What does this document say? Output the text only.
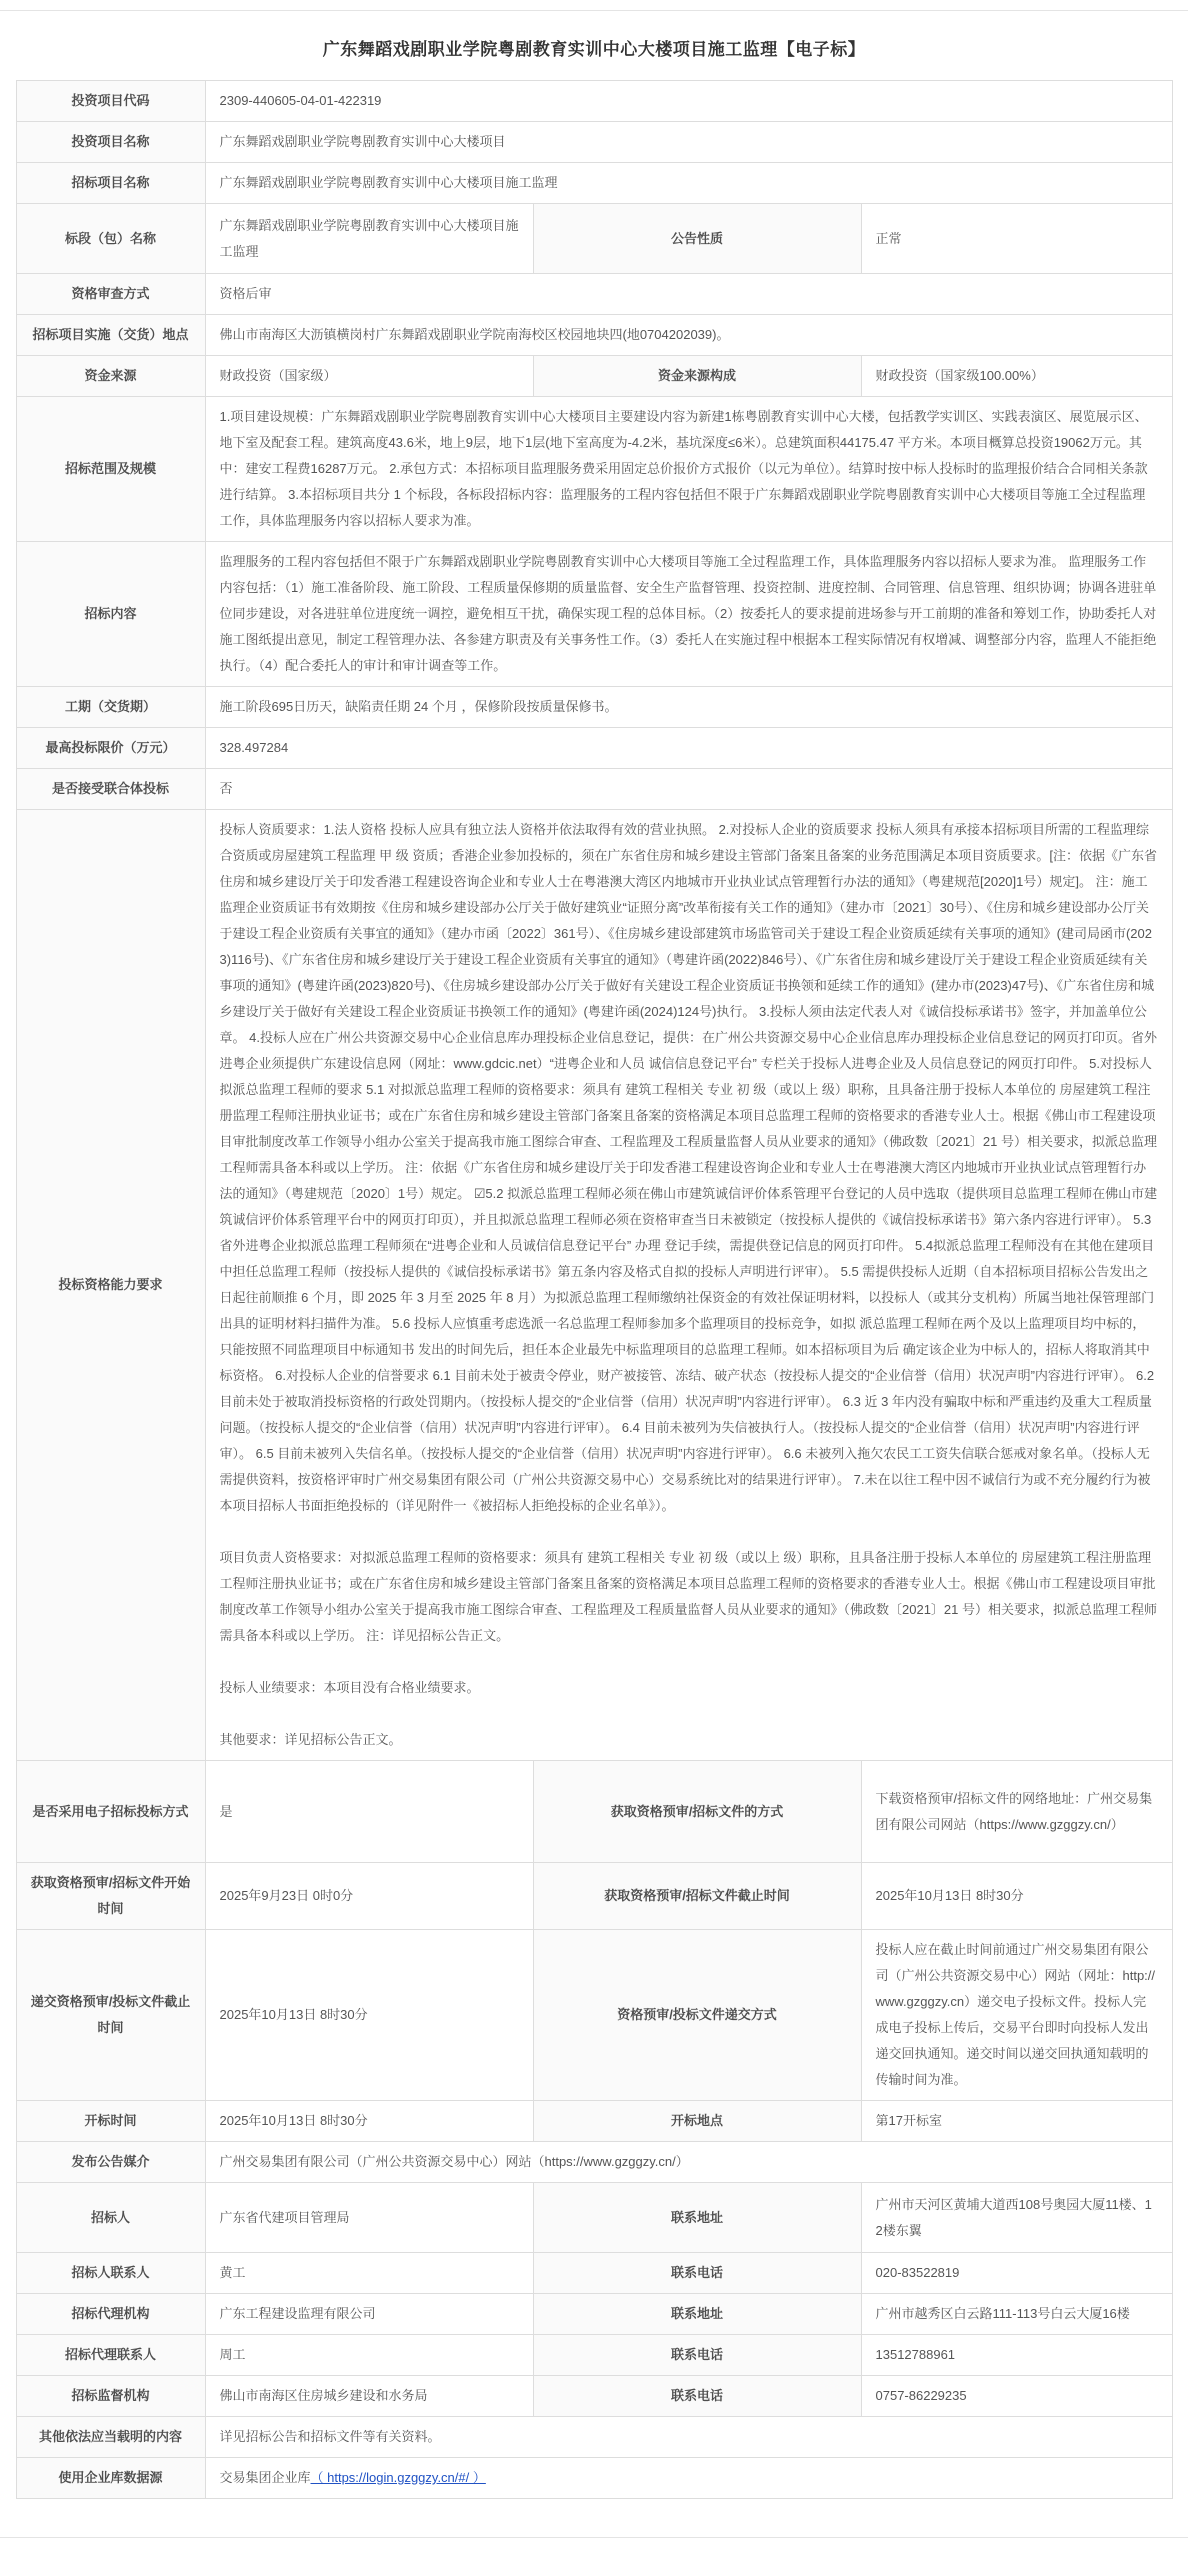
广东舞蹈戏剧职业学院粤剧教育实训中心大楼项目施工监理【电子标】
投资项目代码	2309-440605-04-01-422319		
投资项目名称	广东舞蹈戏剧职业学院粤剧教育实训中心大楼项目		
招标项目名称	广东舞蹈戏剧职业学院粤剧教育实训中心大楼项目施工监理		
标段（包）名称	广东舞蹈戏剧职业学院粤剧教育实训中心大楼项目施工监理	公告性质	正常
资格审查方式	资格后审		
招标项目实施（交货）地点	佛山市南海区大沥镇横岗村广东舞蹈戏剧职业学院南海校区校园地块四(地0704202039)。		
资金来源	财政投资（国家级）	资金来源构成	财政投资（国家级100.00%）
招标范围及规模	1.项目建设规模：广东舞蹈戏剧职业学院粤剧教育实训中心大楼项目主要建设内容为新建1栋粤剧教育实训中心大楼，包括教学实训区、实践表演区、展览展示区、地下室及配套工程。建筑高度43.6米，地上9层，地下1层(地下室高度为-4.2米，基坑深度≤6米）。总建筑面积44175.47 平方米。本项目概算总投资19062万元。其中：建安工程费16287万元。 2.承包方式：本招标项目监理服务费采用固定总价报价方式报价（以元为单位）。结算时按中标人投标时的监理报价结合合同相关条款进行结算。 3.本招标项目共分 1 个标段，各标段招标内容：监理服务的工程内容包括但不限于广东舞蹈戏剧职业学院粤剧教育实训中心大楼项目等施工全过程监理工作，具体监理服务内容以招标人要求为准。		
招标内容	监理服务的工程内容包括但不限于广东舞蹈戏剧职业学院粤剧教育实训中心大楼项目等施工全过程监理工作，具体监理服务内容以招标人要求为准。 监理服务工作内容包括：（1）施工准备阶段、施工阶段、工程质量保修期的质量监督、安全生产监督管理、投资控制、进度控制、合同管理、信息管理、组织协调；协调各进驻单位同步建设，对各进驻单位进度统一调控，避免相互干扰，确保实现工程的总体目标。（2）按委托人的要求提前进场参与开工前期的准备和筹划工作，协助委托人对施工图纸提出意见，制定工程管理办法、各参建方职责及有关事务性工作。（3）委托人在实施过程中根据本工程实际情况有权增减、调整部分内容，监理人不能拒绝执行。（4）配合委托人的审计和审计调查等工作。		
工期（交货期）	施工阶段695日历天，缺陷责任期 24 个月 ，保修阶段按质量保修书。		
最高投标限价（万元）	328.497284		
是否接受联合体投标	否		
投标资格能力要求	投标人资质要求：1.法人资格 投标人应具有独立法人资格并依法取得有效的营业执照。 2.对投标人企业的资质要求 投标人须具有承接本招标项目所需的工程监理综合资质或房屋建筑工程监理 甲 级 资质；香港企业参加投标的，须在广东省住房和城乡建设主管部门备案且备案的业务范围满足本项目资质要求。[注：依据《广东省住房和城乡建设厅关于印发香港工程建设咨询企业和专业人士在粤港澳大湾区内地城市开业执业试点管理暂行办法的通知》（粤建规范[2020]1号）规定]。 注：施工监理企业资质证书有效期按《住房和城乡建设部办公厅关于做好建筑业“证照分离”改革衔接有关工作的通知》（建办市〔2021〕30号）、《住房和城乡建设部办公厅关于建设工程企业资质有关事宜的通知》（建办市函〔2022〕361号）、《住房城乡建设部建筑市场监管司关于建设工程企业资质延续有关事项的通知》(建司局函市(2023)116号)、《广东省住房和城乡建设厅关于建设工程企业资质有关事宜的通知》（粤建许函(2022)846号）、《广东省住房和城乡建设厅关于建设工程企业资质延续有关事项的通知》(粤建许函(2023)820号)、《住房城乡建设部办公厅关于做好有关建设工程企业资质证书换领和延续工作的通知》(建办市(2023)47号)、《广东省住房和城乡建设厅关于做好有关建设工程企业资质证书换领工作的通知》(粤建许函(2024)124号)执行。 3.投标人须由法定代表人对《诚信投标承诺书》签字，并加盖单位公章。 4.投标人应在广州公共资源交易中心企业信息库办理投标企业信息登记，提供：在广州公共资源交易中心企业信息库办理投标企业信息登记的网页打印页。省外进粤企业须提供广东建设信息网（网址：www.gdcic.net）“进粤企业和人员 诚信信息登记平台” 专栏关于投标人进粤企业及人员信息登记的网页打印件。 5.对投标人拟派总监理工程师的要求 5.1 对拟派总监理工程师的资格要求：须具有 建筑工程相关 专业 初 级（或以上 级）职称，且具备注册于投标人本单位的 房屋建筑工程注册监理工程师注册执业证书；或在广东省住房和城乡建设主管部门备案且备案的资格满足本项目总监理工程师的资格要求的香港专业人士。根据《佛山市工程建设项目审批制度改革工作领导小组办公室关于提高我市施工图综合审查、工程监理及工程质量监督人员从业要求的通知》（佛政数〔2021〕21 号）相关要求，拟派总监理工程师需具备本科或以上学历。 注：依据《广东省住房和城乡建设厅关于印发香港工程建设咨询企业和专业人士在粤港澳大湾区内地城市开业执业试点管理暂行办法的通知》（粤建规范〔2020〕1号）规定。 ☑5.2 拟派总监理工程师必须在佛山市建筑诚信评价体系管理平台登记的人员中选取（提供项目总监理工程师在佛山市建筑诚信评价体系管理平台中的网页打印页），并且拟派总监理工程师必须在资格审查当日未被锁定（按投标人提供的《诚信投标承诺书》第六条内容进行评审）。 5.3 省外进粤企业拟派总监理工程师须在“进粤企业和人员诚信信息登记平台” 办理 登记手续，需提供登记信息的网页打印件。 5.4拟派总监理工程师没有在其他在建项目中担任总监理工程师（按投标人提供的《诚信投标承诺书》第五条内容及格式自拟的投标人声明进行评审）。 5.5 需提供投标人近期（自本招标项目招标公告发出之日起往前顺推 6 个月，即 2025 年 3 月至 2025 年 8 月）为拟派总监理工程师缴纳社保资金的有效社保证明材料，以投标人（或其分支机构）所属当地社保管理部门出具的证明材料扫描件为准。 5.6 投标人应慎重考虑选派一名总监理工程师参加多个监理项目的投标竞争，如拟 派总监理工程师在两个及以上监理项目均中标的，只能按照不同监理项目中标通知书 发出的时间先后，担任本企业最先中标监理项目的总监理工程师。如本招标项目为后 确定该企业为中标人的，招标人将取消其中标资格。 6.对投标人企业的信誉要求 6.1 目前未处于被责令停业，财产被接管、冻结、破产状态（按投标人提交的“企业信誉（信用）状况声明”内容进行评审）。 6.2 目前未处于被取消投标资格的行政处罚期内。（按投标人提交的“企业信誉（信用）状况声明”内容进行评审）。 6.3 近 3 年内没有骗取中标和严重违约及重大工程质量问题。（按投标人提交的“企业信誉（信用）状况声明”内容进行评审）。 6.4 目前未被列为失信被执行人。（按投标人提交的“企业信誉（信用）状况声明”内容进行评审）。 6.5 目前未被列入失信名单。（按投标人提交的“企业信誉（信用）状况声明”内容进行评审）。 6.6 未被列入拖欠农民工工资失信联合惩戒对象名单。（投标人无需提供资料，按资格评审时广州交易集团有限公司（广州公共资源交易中心）交易系统比对的结果进行评审）。 7.未在以往工程中因不诚信行为或不充分履约行为被本项目招标人书面拒绝投标的（详见附件一《被招标人拒绝投标的企业名单》）。

项目负责人资格要求：对拟派总监理工程师的资格要求：须具有 建筑工程相关 专业 初 级（或以上 级）职称，且具备注册于投标人本单位的 房屋建筑工程注册监理工程师注册执业证书；或在广东省住房和城乡建设主管部门备案且备案的资格满足本项目总监理工程师的资格要求的香港专业人士。根据《佛山市工程建设项目审批制度改革工作领导小组办公室关于提高我市施工图综合审查、工程监理及工程质量监督人员从业要求的通知》（佛政数〔2021〕21 号）相关要求，拟派总监理工程师需具备本科或以上学历。 注：详见招标公告正文。

投标人业绩要求：本项目没有合格业绩要求。

其他要求：详见招标公告正文。		

是否采用电子招标投标方式	是	获取资格预审/招标文件的方式	下载资格预审/招标文件的网络地址：广州交易集团有限公司网站（https://www.gzggzy.cn/）
获取资格预审/招标文件开始时间	2025年9月23日 0时0分	获取资格预审/招标文件截止时间	2025年10月13日 8时30分
递交资格预审/投标文件截止时间	2025年10月13日 8时30分	资格预审/投标文件递交方式	投标人应在截止时间前通过广州交易集团有限公司（广州公共资源交易中心）网站（网址：http://www.gzggzy.cn）递交电子投标文件。投标人完成电子投标上传后，交易平台即时向投标人发出递交回执通知。递交时间以递交回执通知载明的传输时间为准。
开标时间	2025年10月13日 8时30分	开标地点	第17开标室
发布公告媒介	广州交易集团有限公司（广州公共资源交易中心）网站（https://www.gzggzy.cn/）		
招标人	广东省代建项目管理局	联系地址	广州市天河区黄埔大道西108号奥园大厦11楼、12楼东翼
招标人联系人	黄工	联系电话	020-83522819
招标代理机构	广东工程建设监理有限公司	联系地址	广州市越秀区白云路111-113号白云大厦16楼
招标代理联系人	周工	联系电话	13512788961
招标监督机构	佛山市南海区住房城乡建设和水务局	联系电话	0757-86229235
其他依法应当载明的内容	详见招标公告和招标文件等有关资料。		
使用企业库数据源	交易集团企业库（ https://login.gzggzy.cn/#/ ）		
